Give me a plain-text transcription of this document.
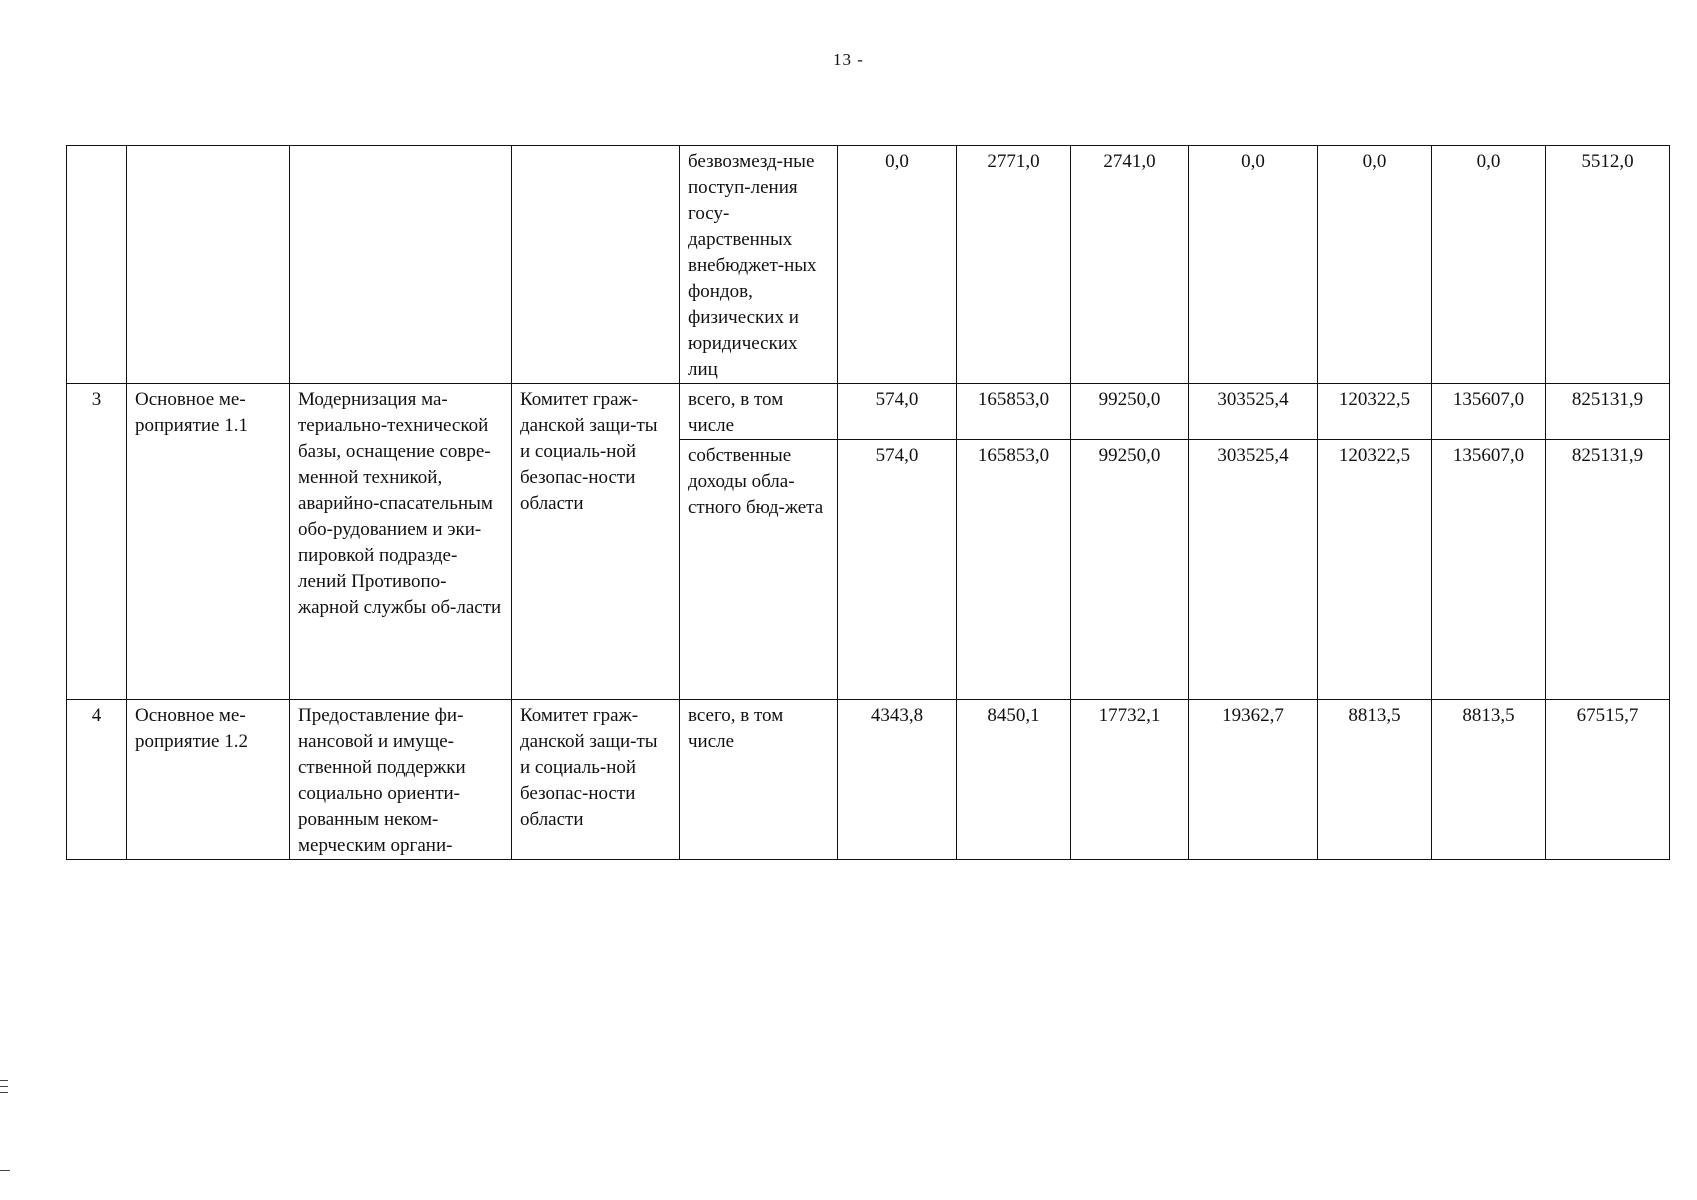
13 -
				безвозмезд-ные поступ-ления госу-дарственных внебюджет-ных фондов, физических и юридических лиц	0,0	2771,0	2741,0	0,0	0,0	0,0	5512,0
3	Основное ме-роприятие 1.1	Модернизация ма-териально-технической базы, оснащение совре-менной техникой, аварийно-спасательным обо-рудованием и эки-пировкой подразде-лений Противопо-жарной службы об-ласти	Комитет граж-данской защи-ты и социаль-ной безопас-ности области	всего, в том числе	574,0	165853,0	99250,0	303525,4	120322,5	135607,0	825131,9
				собственные доходы обла-стного бюд-жета	574,0	165853,0	99250,0	303525,4	120322,5	135607,0	825131,9
4	Основное ме-роприятие 1.2	Предоставление фи-нансовой и имуще-ственной поддержки социально ориенти-рованным неком-мерческим органи-	Комитет граж-данской защи-ты и социаль-ной безопас-ности области	всего, в том числе	4343,8	8450,1	17732,1	19362,7	8813,5	8813,5	67515,7
